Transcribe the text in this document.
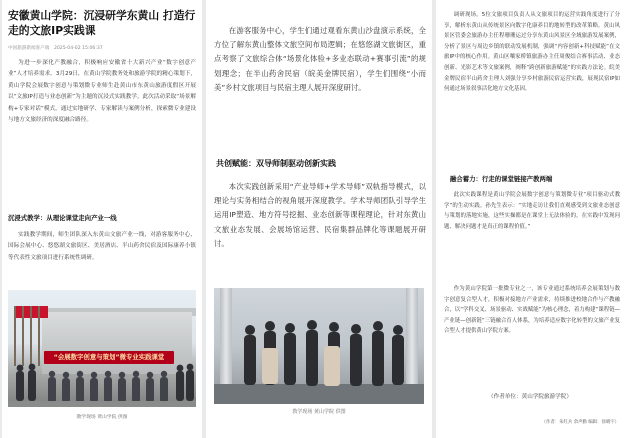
安徽黄山学院：沉浸研学东黄山 打造行走的文旅IP实践课
中国旅游新闻客户端　2025-04-02 15:06:37

为进一步深化产教融合，积极响应安徽省十大新兴产业“数字创意产业”人才培养需求。3月29日，在黄山学院教务处和旅游学院的精心策划下，黄山学院会展数字创意与策划微专业师生赴黄山市东黄山旅游度假区开展以“文旅IP打造与业态创新”为主题的沉浸式实践教学。此次活动采取“场景解构+专家对话”模式，通过实地研学、专家解读与案例分析，探索微专业建设与地方文旅经济的深度融合路径。

沉浸式教学：从理论课堂走向产业一线

实践教学期间，师生团队深入东黄山文旅产业一线，对游客服务中心、国际会展中心、悠悠湖文旅街区、美居酒店、半山药舍民宿及国际康养小镇等代表性文旅项目进行系统性调研。

“会展数字创意与策划”微专业实践课堂
教学现场 黄山学院 供图

在游客服务中心，学生们通过观看东黄山沙盘演示系统，全方位了解东黄山整体文旅空间布局逻辑；在悠悠湖文旅街区，重点考察了文旅综合体“场景化体验+多业态联动+赛事引流”的规划理念；在半山药舍民宿（皖美金牌民宿），学生们围绕“小而美”乡村文旅项目与民宿主理人展开深度研讨。

共创赋能：双导师制驱动创新实践

本次实践创新采用“产业导师+学术导师”双轨指导模式，以理论与实务相结合的视角展开深度教学。学术导师团队引导学生运用IP塑造、地方符号挖掘、业态创新等课程理论，针对东黄山文旅业态发展、会展场馆运营、民宿集群品牌化等课题展开研讨。

教学现场 黄山学院 供图

调研现场，5位文旅项目负责人从文旅项目的运营实践角度进行了分享，解析东黄山从传统景区向数字化康养目的地转型的改革策略。黄山风景区管委会旅游办主任程珊珊运过分享东黄山风景区全域旅游发展案例，分析了景区与周边乡镇的联动发展机制，强调“内容创新+科技赋能”在文旅IP中的核心作用。黄山区嚷家桥镇旅游办主任周俊结合赛事活动、业态创新、光影艺术等文旅案例，阐释“跨创新旅游赋能”的实践方法论。皖美金牌民宿半山药舍主理人刘强分享乡村旅游民宿运营实践，展现民宿IP如何通过场景叙事活化地方文化基因。

融合蓄力：行走的课堂链接产教两端

此次实践课程是黄山学院会展数字创意与策划微专业“项目驱动式教学”的生动实践。孙先生表示：“实地走访让我们直观感受到文旅业态创意与策划的落地实施，这些实操都是在课堂上无法体验的，在实践中发现问题、解决问题才是真正的课程价值。”

作为黄山学院第一批微专业之一，该专业通过系统培养会展策划与数字创意复合型人才，积极对接地方产业需求，持续推进校地合作与产教融合，以“学科交叉、场景驱动、实战赋能”为核心理念，着力构建“课程链—产业链—创新链”三链融合育人体系，为培养适应数字化转型的文旅产业复合型人才提供黄山学院方案。

（作者单位：黄山学院旅游学院）
（作者：朱红兵 余声勤 编辑：徐晴宇）
